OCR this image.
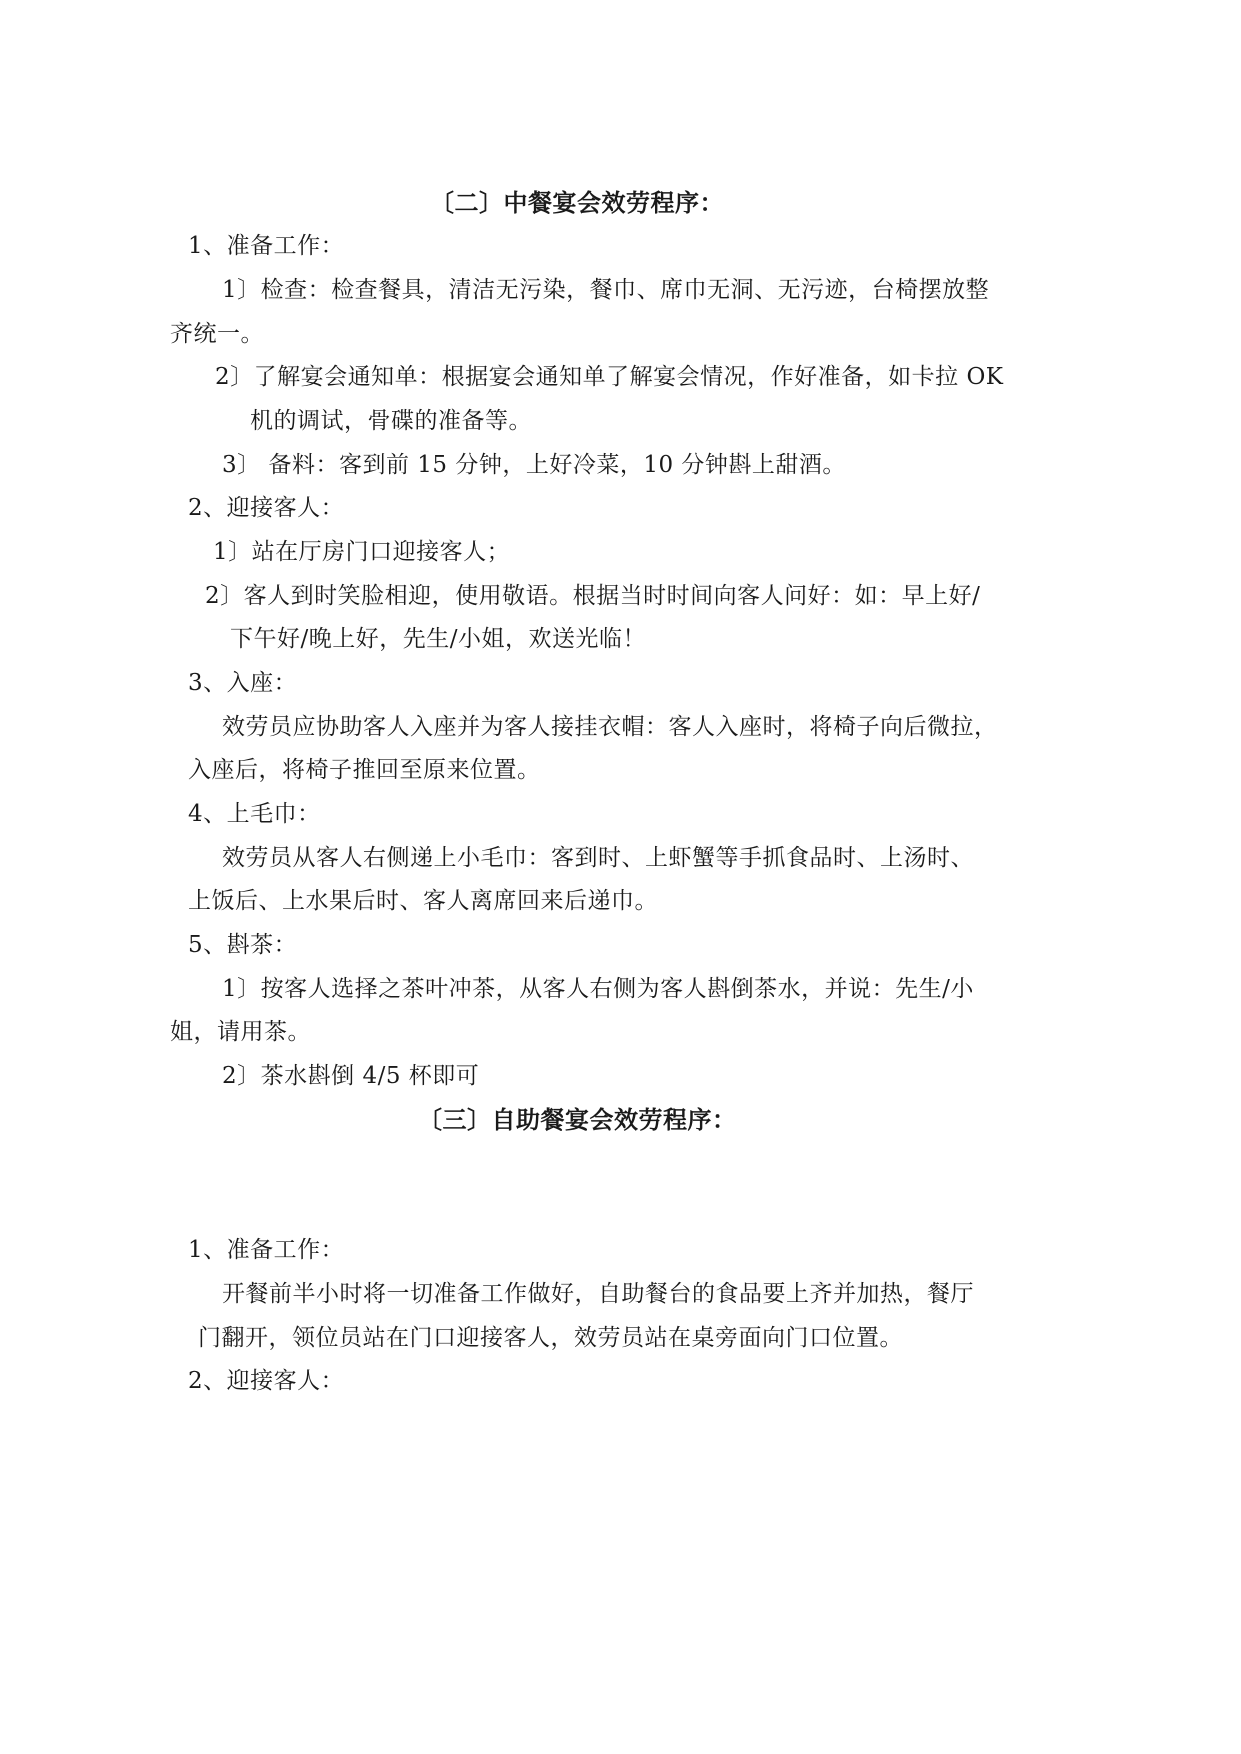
〔二〕中餐宴会效劳程序：

1、准备工作：

1〕检查：检查餐具，清洁无污染，餐巾、席巾无洞、无污迹，台椅摆放整

齐统一。

2〕了解宴会通知单：根据宴会通知单了解宴会情况，作好准备，如卡拉 OK

机的调试，骨碟的准备等。

3〕 备料：客到前 15 分钟，上好冷菜，10 分钟斟上甜酒。

2、迎接客人：

1〕站在厅房门口迎接客人；

2〕客人到时笑脸相迎，使用敬语。根据当时时间向客人问好：如：早上好/

下午好/晚上好，先生/小姐，欢送光临！

3、入座：

效劳员应协助客人入座并为客人接挂衣帽：客人入座时，将椅子向后微拉，

入座后，将椅子推回至原来位置。

4、上毛巾：

效劳员从客人右侧递上小毛巾：客到时、上虾蟹等手抓食品时、上汤时、

上饭后、上水果后时、客人离席回来后递巾。

5、斟茶：

1〕按客人选择之茶叶冲茶，从客人右侧为客人斟倒茶水，并说：先生/小

姐，请用茶。

2〕茶水斟倒 4/5 杯即可

〔三〕自助餐宴会效劳程序：

1、准备工作：

开餐前半小时将一切准备工作做好，自助餐台的食品要上齐并加热，餐厅

门翻开，领位员站在门口迎接客人，效劳员站在桌旁面向门口位置。

2、迎接客人：
